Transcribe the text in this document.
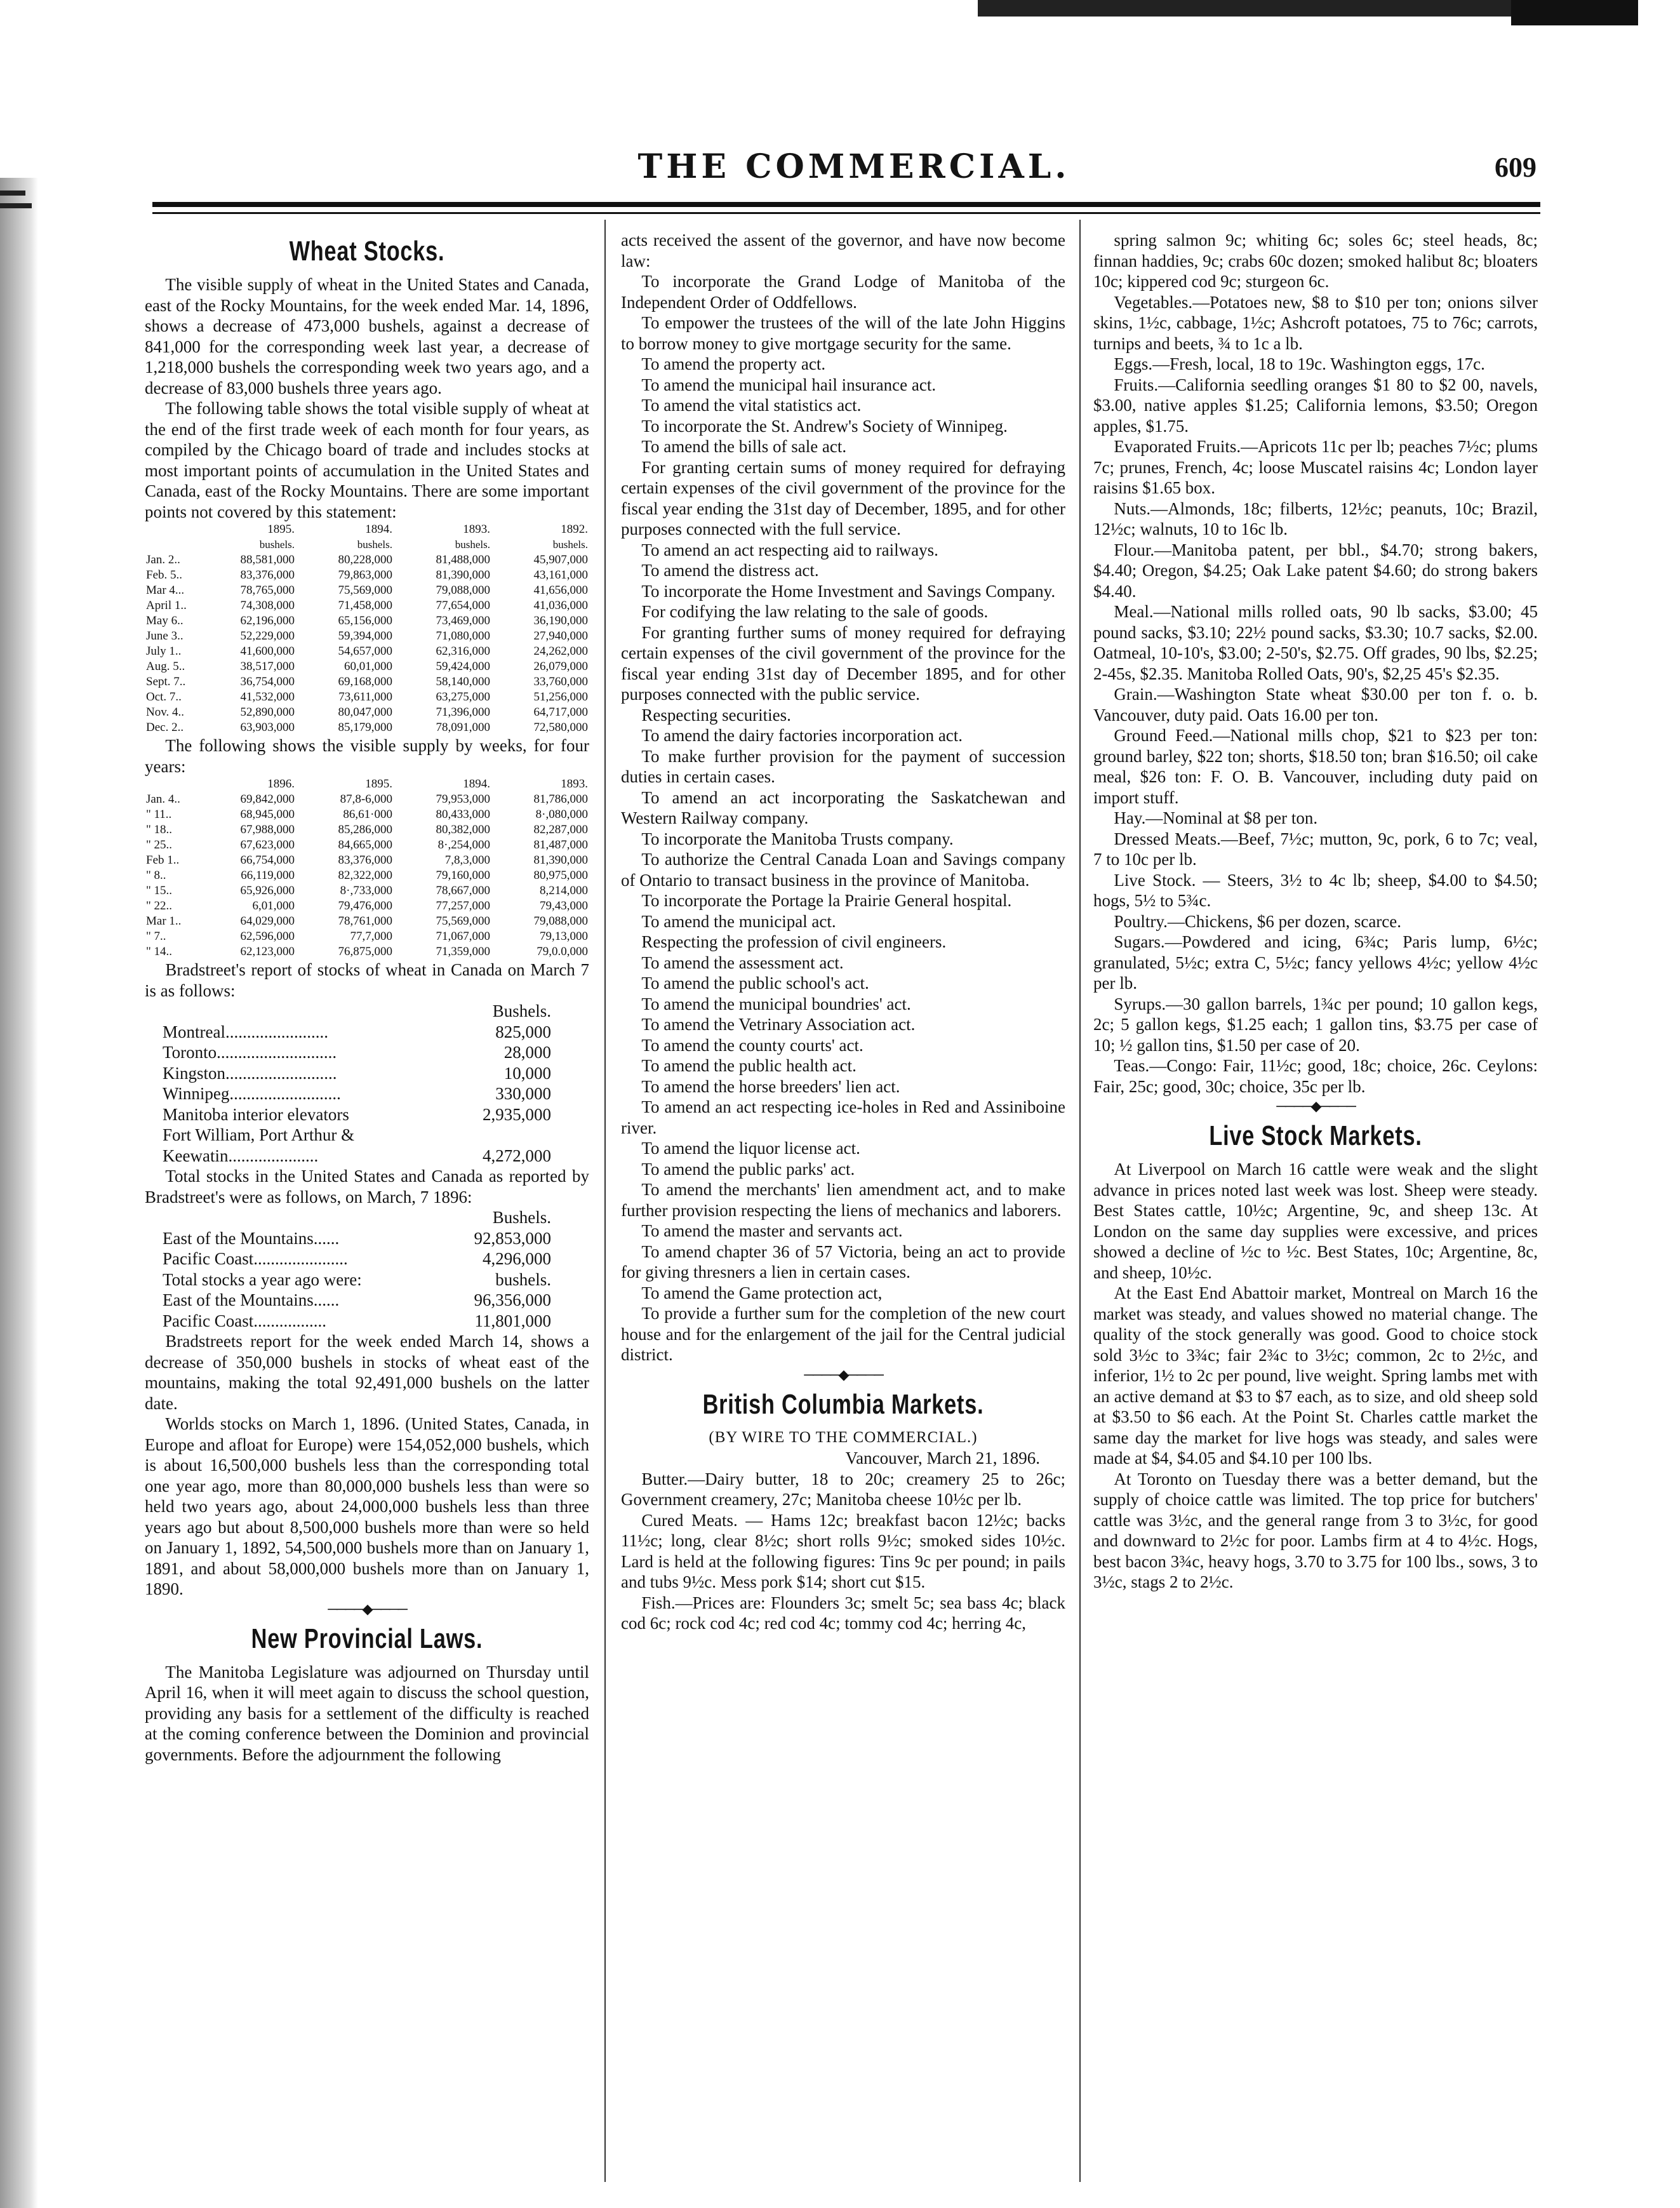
THE COMMERCIAL.	609
Wheat Stocks.

The visible supply of wheat in the United States and Canada, east of the Rocky Mountains, for the week ended Mar. 14, 1896, shows a decrease of 473,000 bushels, against a decrease of 841,000 for the corresponding week last year, a decrease of 1,218,000 bushels the corresponding week two years ago, and a decrease of 83,000 bushels three years ago.

The following table shows the total visible supply of wheat at the end of the first trade week of each month for four years, as compiled by the Chicago board of trade and includes stocks at most important points of accumulation in the United States and Canada, east of the Rocky Mountains. There are some important points not covered by this statement:

	1895.	1894.	1893.	1892.
	bushels.	bushels.	bushels.	bushels.
Jan. 2..	88,581,000	80,228,000	81,488,000	45,907,000
Feb. 5..	83,376,000	79,863,000	81,390,000	43,161,000
Mar 4...	78,765,000	75,569,000	79,088,000	41,656,000
April 1..	74,308,000	71,458,000	77,654,000	41,036,000
May 6..	62,196,000	65,156,000	73,469,000	36,190,000
June 3..	52,229,000	59,394,000	71,080,000	27,940,000
July 1..	41,600,000	54,657,000	62,316,000	24,262,000
Aug. 5..	38,517,000	60,01,000	59,424,000	26,079,000
Sept. 7..	36,754,000	69,168,000	58,140,000	33,760,000
Oct. 7..	41,532,000	73,611,000	63,275,000	51,256,000
Nov. 4..	52,890,000	80,047,000	71,396,000	64,717,000
Dec. 2..	63,903,000	85,179,000	78,091,000	72,580,000

The following shows the visible supply by weeks, for four years:

	1896.	1895.	1894.	1893.
Jan. 4..	69,842,000	87,8-6,000	79,953,000	81,786,000
" 11..	68,945,000	86,61·000	80,433,000	8·,080,000
" 18..	67,988,000	85,286,000	80,382,000	82,287,000
" 25..	67,623,000	84,665,000	8·,254,000	81,487,000
Feb 1..	66,754,000	83,376,000	7,8,3,000	81,390,000
" 8..	66,119,000	82,322,000	79,160,000	80,975,000
" 15..	65,926,000	8·,733,000	78,667,000	8,214,000
" 22..	6,01,000	79,476,000	77,257,000	79,43,000
Mar 1..	64,029,000	78,761,000	75,569,000	79,088,000
" 7..	62,596,000	77,7,000	71,067,000	79,13,000
" 14..	62,123,000	76,875,000	71,359,000	79,0.0,000

Bradstreet's report of stocks of wheat in Canada on March 7 is as follows:

Bushels.
Montreal........................	825,000
Toronto............................	28,000
Kingston..........................	10,000
Winnipeg..........................	330,000
Manitoba interior elevators	2,935,000
Fort William, Port Arthur &
Keewatin.....................	4,272,000

Total stocks in the United States and Canada as reported by Bradstreet's were as follows, on March, 7 1896:

Bushels.
East of the Mountains......	92,853,000
Pacific Coast......................	4,296,000
Total stocks a year ago were:	bushels.
East of the Mountains......	96,356,000
Pacific Coast.................	11,801,000

Bradstreets report for the week ended March 14, shows a decrease of 350,000 bushels in stocks of wheat east of the mountains, making the total 92,491,000 bushels on the latter date.

Worlds stocks on March 1, 1896. (United States, Canada, in Europe and afloat for Europe) were 154,052,000 bushels, which is about 16,500,000 bushels less than the corresponding total one year ago, more than 80,000,000 bushels less than were so held two years ago, about 24,000,000 bushels less than three years ago but about 8,500,000 bushels more than were so held on January 1, 1892, 54,500,000 bushels more than on January 1, 1891, and about 58,000,000 bushels more than on January 1, 1890.

────◆────
New Provincial Laws.

The Manitoba Legislature was adjourned on Thursday until April 16, when it will meet again to discuss the school question, providing any basis for a settlement of the difficulty is reached at the coming conference between the Dominion and provincial governments. Before the adjournment the following

acts received the assent of the governor, and have now become law:

To incorporate the Grand Lodge of Manitoba of the Independent Order of Oddfellows.

To empower the trustees of the will of the late John Higgins to borrow money to give mortgage security for the same.

To amend the property act.

To amend the municipal hail insurance act.

To amend the vital statistics act.

To incorporate the St. Andrew's Society of Winnipeg.

To amend the bills of sale act.

For granting certain sums of money required for defraying certain expenses of the civil government of the province for the fiscal year ending the 31st day of December, 1895, and for other purposes connected with the full service.

To amend an act respecting aid to railways.

To amend the distress act.

To incorporate the Home Investment and Savings Company.

For codifying the law relating to the sale of goods.

For granting further sums of money required for defraying certain expenses of the civil government of the province for the fiscal year ending 31st day of December 1895, and for other purposes connected with the public service.

Respecting securities.

To amend the dairy factories incorporation act.

To make further provision for the payment of succession duties in certain cases.

To amend an act incorporating the Saskatchewan and Western Railway company.

To incorporate the Manitoba Trusts company.

To authorize the Central Canada Loan and Savings company of Ontario to transact business in the province of Manitoba.

To incorporate the Portage la Prairie General hospital.

To amend the municipal act.

Respecting the profession of civil engineers.

To amend the assessment act.

To amend the public school's act.

To amend the municipal boundries' act.

To amend the Vetrinary Association act.

To amend the county courts' act.

To amend the public health act.

To amend the horse breeders' lien act.

To amend an act respecting ice-holes in Red and Assiniboine river.

To amend the liquor license act.

To amend the public parks' act.

To amend the merchants' lien amendment act, and to make further provision respecting the liens of mechanics and laborers.

To amend the master and servants act.

To amend chapter 36 of 57 Victoria, being an act to provide for giving thresners a lien in certain cases.

To amend the Game protection act,

To provide a further sum for the completion of the new court house and for the enlargement of the jail for the Central judicial district.

────◆────
British Columbia Markets.
(BY WIRE TO THE COMMERCIAL.)
Vancouver, March 21, 1896.

Butter.—Dairy butter, 18 to 20c; creamery 25 to 26c; Government creamery, 27c; Manitoba cheese 10½c per lb.

Cured Meats. — Hams 12c; breakfast bacon 12½c; backs 11½c; long, clear 8½c; short rolls 9½c; smoked sides 10½c. Lard is held at the following figures: Tins 9c per pound; in pails and tubs 9½c. Mess pork $14; short cut $15.

Fish.—Prices are: Flounders 3c; smelt 5c; sea bass 4c; black cod 6c; rock cod 4c; red cod 4c; tommy cod 4c; herring 4c,

spring salmon 9c; whiting 6c; soles 6c; steel heads, 8c; finnan haddies, 9c; crabs 60c dozen; smoked halibut 8c; bloaters 10c; kippered cod 9c; sturgeon 6c.

Vegetables.—Potatoes new, $8 to $10 per ton; onions silver skins, 1½c, cabbage, 1½c; Ashcroft potatoes, 75 to 76c; carrots, turnips and beets, ¾ to 1c a lb.

Eggs.—Fresh, local, 18 to 19c. Washington eggs, 17c.

Fruits.—California seedling oranges $1 80 to $2 00, navels, $3.00, native apples $1.25; California lemons, $3.50; Oregon apples, $1.75.

Evaporated Fruits.—Apricots 11c per lb; peaches 7½c; plums 7c; prunes, French, 4c; loose Muscatel raisins 4c; London layer raisins $1.65 box.

Nuts.—Almonds, 18c; filberts, 12½c; peanuts, 10c; Brazil, 12½c; walnuts, 10 to 16c lb.

Flour.—Manitoba patent, per bbl., $4.70; strong bakers, $4.40; Oregon, $4.25; Oak Lake patent $4.60; do strong bakers $4.40.

Meal.—National mills rolled oats, 90 lb sacks, $3.00; 45 pound sacks, $3.10; 22½ pound sacks, $3.30; 10.7 sacks, $2.00. Oatmeal, 10-10's, $3.00; 2-50's, $2.75. Off grades, 90 lbs, $2.25; 2-45s, $2.35. Manitoba Rolled Oats, 90's, $2,25 45's $2.35.

Grain.—Washington State wheat $30.00 per ton f. o. b. Vancouver, duty paid. Oats 16.00 per ton.

Ground Feed.—National mills chop, $21 to $23 per ton: ground barley, $22 ton; shorts, $18.50 ton; bran $16.50; oil cake meal, $26 ton: F. O. B. Vancouver, including duty paid on import stuff.

Hay.—Nominal at $8 per ton.

Dressed Meats.—Beef, 7½c; mutton, 9c, pork, 6 to 7c; veal, 7 to 10c per lb.

Live Stock. — Steers, 3½ to 4c lb; sheep, $4.00 to $4.50; hogs, 5½ to 5¾c.

Poultry.—Chickens, $6 per dozen, scarce.

Sugars.—Powdered and icing, 6¾c; Paris lump, 6½c; granulated, 5½c; extra C, 5½c; fancy yellows 4½c; yellow 4½c per lb.

Syrups.—30 gallon barrels, 1¾c per pound; 10 gallon kegs, 2c; 5 gallon kegs, $1.25 each; 1 gallon tins, $3.75 per case of 10; ½ gallon tins, $1.50 per case of 20.

Teas.—Congo: Fair, 11½c; good, 18c; choice, 26c. Ceylons: Fair, 25c; good, 30c; choice, 35c per lb.

────◆────
Live Stock Markets.

At Liverpool on March 16 cattle were weak and the slight advance in prices noted last week was lost. Sheep were steady. Best States cattle, 10½c; Argentine, 9c, and sheep 13c. At London on the same day supplies were excessive, and prices showed a decline of ½c to ½c. Best States, 10c; Argentine, 8c, and sheep, 10½c.

At the East End Abattoir market, Montreal on March 16 the market was steady, and values showed no material change. The quality of the stock generally was good. Good to choice stock sold 3½c to 3¾c; fair 2¾c to 3½c; common, 2c to 2½c, and inferior, 1½ to 2c per pound, live weight. Spring lambs met with an active demand at $3 to $7 each, as to size, and old sheep sold at $3.50 to $6 each. At the Point St. Charles cattle market the same day the market for live hogs was steady, and sales were made at $4, $4.05 and $4.10 per 100 lbs.

At Toronto on Tuesday there was a better demand, but the supply of choice cattle was limited. The top price for butchers' cattle was 3½c, and the general range from 3 to 3½c, for good and downward to 2½c for poor. Lambs firm at 4 to 4½c. Hogs, best bacon 3¾c, heavy hogs, 3.70 to 3.75 for 100 lbs., sows, 3 to 3½c, stags 2 to 2½c.
